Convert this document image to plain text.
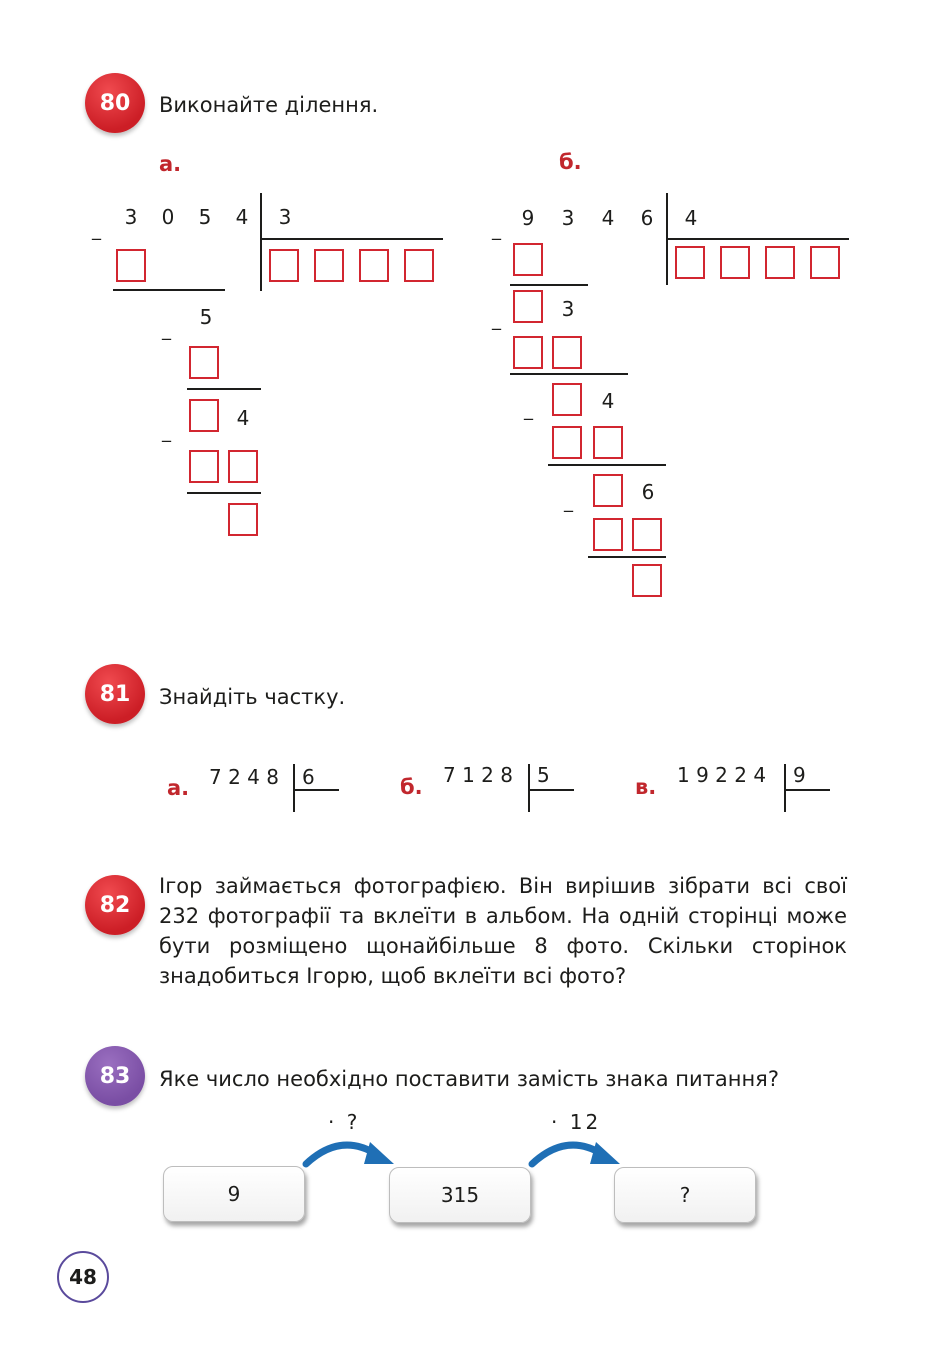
80	Виконайте ділення.
а.
_
3 0 5 4 3
_
5
_
4
б.
_
9 3 4 6 4
_	3
_	4
_	6
81	Знайдіть частку.
а. 7 2 4 8 6	б. 7 1 2 8 5	в. 1 9 2 2 4 9
82
Ігор займається фотографією. Він вирішив зібрати всі свої 232 фотографії та вклеїти в альбом. На одній сторінці може бути розміщено щонайбільше 8 фото. Скільки сторінок знадобиться Ігорю, щоб вклеїти всі фото?
83	Яке число необхідно поставити замість знака питання?
· ?	· 12
9	315	?
48
